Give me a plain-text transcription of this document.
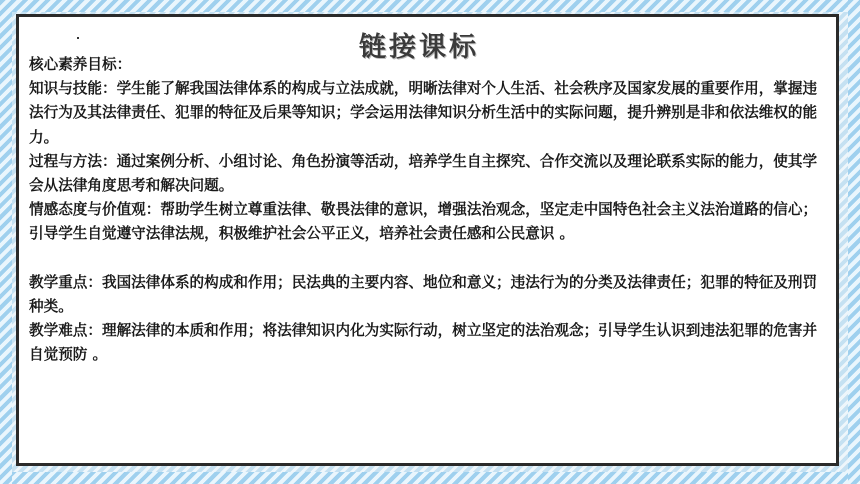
链接课标

核心素养目标：

知识与技能：学生能了解我国法律体系的构成与立法成就，明晰法律对个人生活、社会秩序及国家发展的重要作用，掌握违法行为及其法律责任、犯罪的特征及后果等知识；学会运用法律知识分析生活中的实际问题，提升辨别是非和依法维权的能力。

过程与方法：通过案例分析、小组讨论、角色扮演等活动，培养学生自主探究、合作交流以及理论联系实际的能力，使其学会从法律角度思考和解决问题。

情感态度与价值观：帮助学生树立尊重法律、敬畏法律的意识，增强法治观念，坚定走中国特色社会主义法治道路的信心；引导学生自觉遵守法律法规，积极维护社会公平正义，培养社会责任感和公民意识 。

教学重点：我国法律体系的构成和作用；民法典的主要内容、地位和意义；违法行为的分类及法律责任；犯罪的特征及刑罚种类。

教学难点：理解法律的本质和作用；将法律知识内化为实际行动，树立坚定的法治观念；引导学生认识到违法犯罪的危害并自觉预防 。
